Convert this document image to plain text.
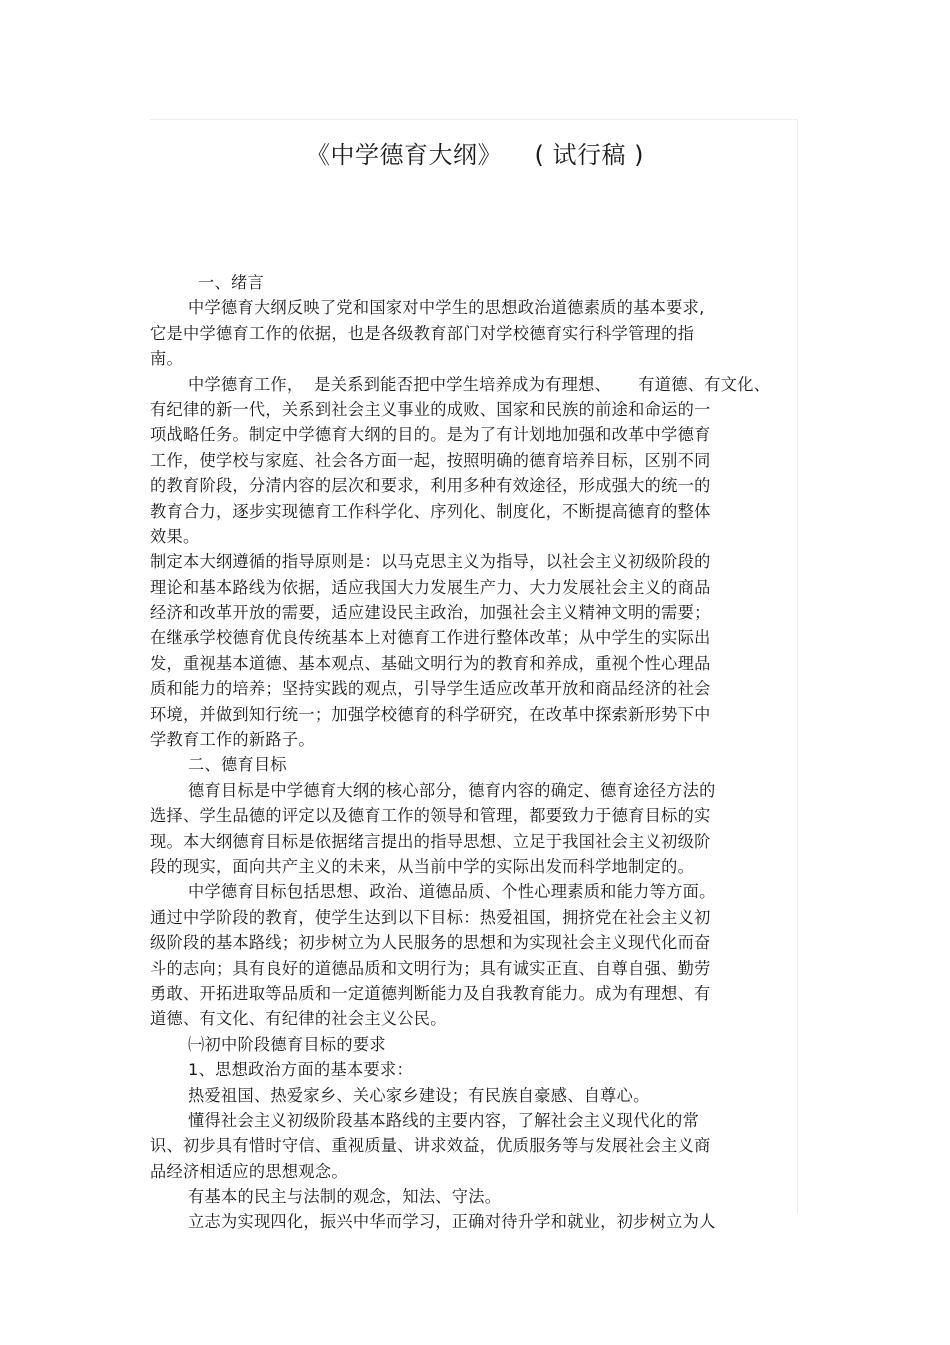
《中学德育大纲》    ( 试行稿 )
一、绪言
中学德育大纲反映了党和国家对中学生的思想政治道德素质的基本要求,
它是中学德育工作的依据，也是各级教育部门对学校德育实行科学管理的指
南。
中学德育工作，  是关系到能否把中学生培养成为有理想、     有道德、有文化、
有纪律的新一代，关系到社会主义事业的成败、国家和民族的前途和命运的一
项战略任务。制定中学德育大纲的目的。是为了有计划地加强和改革中学德育
工作，使学校与家庭、社会各方面一起，按照明确的德育培养目标，区别不同
的教育阶段，分清内容的层次和要求，利用多种有效途径，形成强大的统一的
教育合力，逐步实现德育工作科学化、序列化、制度化，不断提高德育的整体
效果。
制定本大纲遵循的指导原则是：以马克思主义为指导，以社会主义初级阶段的
理论和基本路线为依据，适应我国大力发展生产力、大力发展社会主义的商品
经济和改革开放的需要，适应建设民主政治，加强社会主义精神文明的需要；
在继承学校德育优良传统基本上对德育工作进行整体改革；从中学生的实际出
发，重视基本道德、基本观点、基础文明行为的教育和养成，重视个性心理品
质和能力的培养；坚持实践的观点，引导学生适应改革开放和商品经济的社会
环境，并做到知行统一；加强学校德育的科学研究，在改革中探索新形势下中
学教育工作的新路子。
二、德育目标
德育目标是中学德育大纲的核心部分，德育内容的确定、德育途径方法的
选择、学生品德的评定以及德育工作的领导和管理，都要致力于德育目标的实
现。本大纲德育目标是依据绪言提出的指导思想、立足于我国社会主义初级阶
段的现实，面向共产主义的未来，从当前中学的实际出发而科学地制定的。
中学德育目标包括思想、政治、道德品质、个性心理素质和能力等方面。
通过中学阶段的教育，使学生达到以下目标：热爱祖国，拥挤党在社会主义初
级阶段的基本路线；初步树立为人民服务的思想和为实现社会主义现代化而奋
斗的志向；具有良好的道德品质和文明行为；具有诚实正直、自尊自强、勤劳
勇敢、开拓进取等品质和一定道德判断能力及自我教育能力。成为有理想、有
道德、有文化、有纪律的社会主义公民。
㈠初中阶段德育目标的要求
1、思想政治方面的基本要求：
热爱祖国、热爱家乡、关心家乡建设；有民族自豪感、自尊心。
懂得社会主义初级阶段基本路线的主要内容，了解社会主义现代化的常
识、初步具有惜时守信、重视质量、讲求效益，优质服务等与发展社会主义商
品经济相适应的思想观念。
有基本的民主与法制的观念，知法、守法。
立志为实现四化，振兴中华而学习，正确对待升学和就业，初步树立为人
